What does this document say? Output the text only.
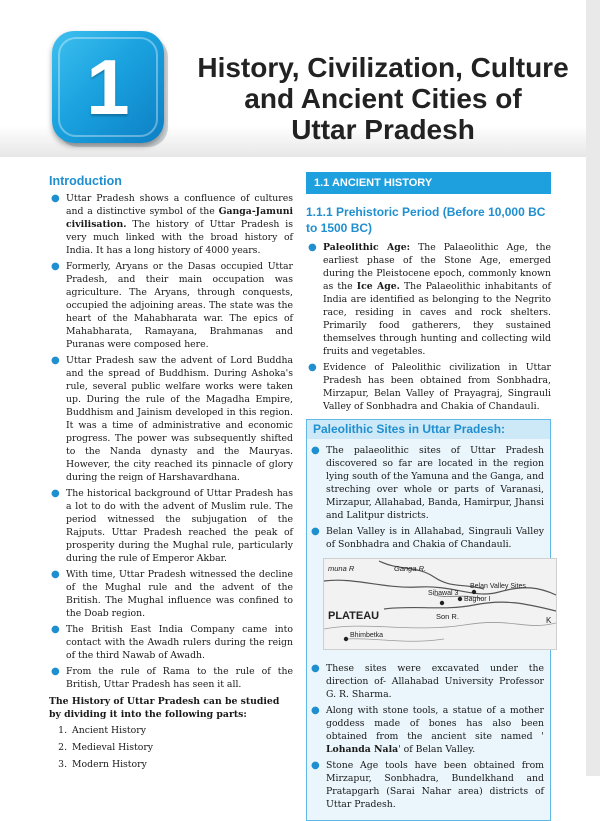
1	History, Civilization, Culture
and Ancient Cities of
Uttar Pradesh
Introduction
● Uttar Pradesh shows a confluence of cultures and a distinctive symbol of the Ganga-Jamuni civilisation. The history of Uttar Pradesh is very much linked with the broad history of India. It has a long history of 4000 years.
● Formerly, Aryans or the Dasas occupied Uttar Pradesh, and their main occupation was agriculture. The Aryans, through conquests, occupied the adjoining areas. The state was the heart of the Mahabharata war. The epics of Mahabharata, Ramayana, Brahmanas and Puranas were composed here.
● Uttar Pradesh saw the advent of Lord Buddha and the spread of Buddhism. During Ashoka's rule, several public welfare works were taken up. During the rule of the Magadha Empire, Buddhism and Jainism developed in this region. It was a time of administrative and economic progress. The power was subsequently shifted to the Nanda dynasty and the Mauryas. However, the city reached its pinnacle of glory during the reign of Harshavardhana.
● The historical background of Uttar Pradesh has a lot to do with the advent of Muslim rule. The period witnessed the subjugation of the Rajputs. Uttar Pradesh reached the peak of prosperity during the Mughal rule, particularly during the rule of Emperor Akbar.
● With time, Uttar Pradesh witnessed the decline of the Mughal rule and the advent of the British. The Mughal influence was confined to the Doab region.
● The British East India Company came into contact with the Awadh rulers during the reign of the third Nawab of Awadh.
● From the rule of Rama to the rule of the British, Uttar Pradesh has seen it all.
The History of Uttar Pradesh can be studied by dividing it into the following parts:
1. Ancient History
2. Medieval History
3. Modern History
1.1 ANCIENT HISTORY
1.1.1 Prehistoric Period (Before 10,000 BC to 1500 BC)
● Paleolithic Age: The Palaeolithic Age, the earliest phase of the Stone Age, emerged during the Pleistocene epoch, commonly known as the Ice Age. The Palaeolithic inhabitants of India are identified as belonging to the Negrito race, residing in caves and rock shelters. Primarily food gatherers, they sustained themselves through hunting and collecting wild fruits and vegetables.
● Evidence of Paleolithic civilization in Uttar Pradesh has been obtained from Sonbhadra, Mirzapur, Belan Valley of Prayagraj, Singrauli Valley of Sonbhadra and Chakia of Chandauli.
Paleolithic Sites in Uttar Pradesh:
● The palaeolithic sites of Uttar Pradesh discovered so far are located in the region lying south of the Yamuna and the Ganga, and streching over whole or parts of Varanasi, Mirzapur, Allahabad, Banda, Hamirpur, Jhansi and Lalitpur districts.
● Belan Valley is in Allahabad, Singrauli Valley of Sonbhadra and Chakia of Chandauli.
muna R	Ganga R.
Belan Valley Sites
Sihawal 3
Baghor I
PLATEAU	Son R.
Bhimbetka
K
● These sites were excavated under the direction of- Allahabad University Professor G. R. Sharma.
● Along with stone tools, a statue of a mother goddess made of bones has also been obtained from the ancient site named ' Lohanda Nala' of Belan Valley.
● Stone Age tools have been obtained from Mirzapur, Sonbhadra, Bundelkhand and Pratapgarh (Sarai Nahar area) districts of Uttar Pradesh.
